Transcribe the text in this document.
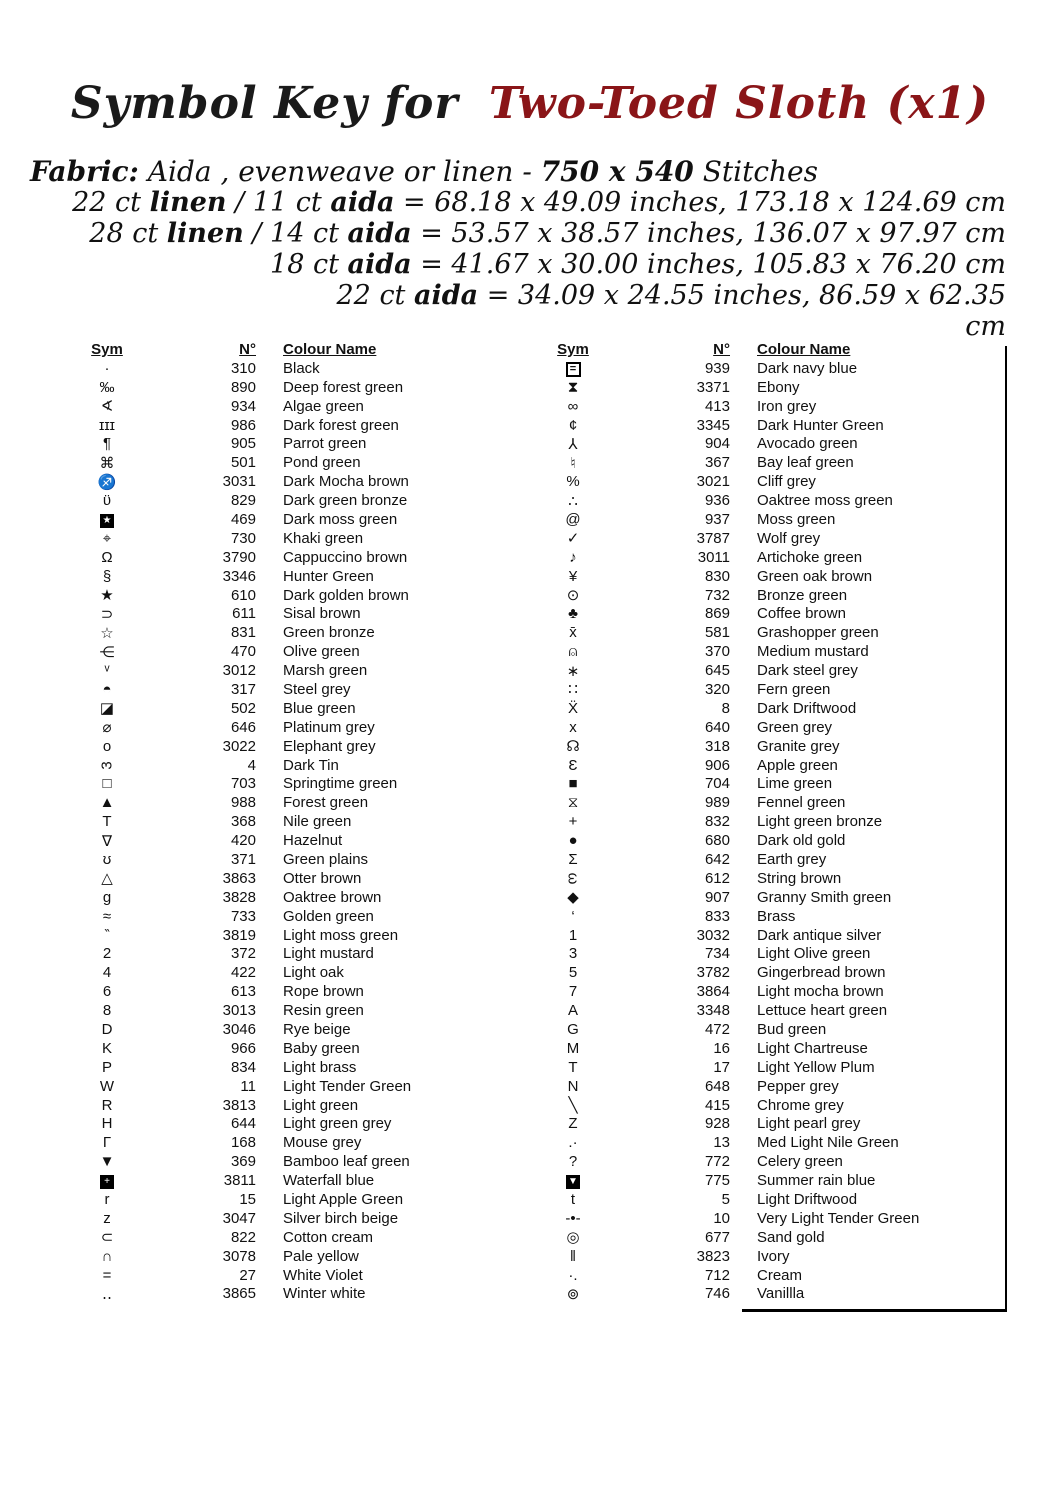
Symbol Key for Two-Toed Sloth (x1)
Fabric: Aida , evenweave or linen - 750 x 540 Stitches
22 ct linen / 11 ct aida = 68.18 x 49.09 inches, 173.18 x 124.69 cm
28 ct linen / 14 ct aida = 53.57 x 38.57 inches, 136.07 x 97.97 cm
18 ct aida = 41.67 x 30.00 inches, 105.83 x 76.20 cm
22 ct aida = 34.09 x 24.55 inches, 86.59 x 62.35
cm
Sym	N°	Colour Name
·	310	Black
‰	890	Deep forest green
∢	934	Algae green
ɪɪɪ	986	Dark forest green
¶	905	Parrot green
⌘	501	Pond green
♐	3031	Dark Mocha brown
ϋ	829	Dark green bronze
★	469	Dark moss green
⌖	730	Khaki green
Ω	3790	Cappuccino brown
§	3346	Hunter Green
★	610	Dark golden brown
⊃	611	Sisal brown
☆	831	Green bronze
⋲	470	Olive green
ᵛ	3012	Marsh green
◓	317	Steel grey
◪	502	Blue green
⌀	646	Platinum grey
o	3022	Elephant grey
3	4	Dark Tin
□	703	Springtime green
▲	988	Forest green
Т	368	Nile green
∇	420	Hazelnut
ʊ	371	Green plains
△	3863	Otter brown
g	3828	Oaktree brown
≈	733	Golden green
‶	3819	Light moss green
2	372	Light mustard
4	422	Light oak
6	613	Rope brown
8	3013	Resin green
D	3046	Rye beige
K	966	Baby green
P	834	Light brass
W	11	Light Tender Green
R	3813	Light green
H	644	Light green grey
Γ	168	Mouse grey
▼	369	Bamboo leaf green
+	3811	Waterfall blue
r	15	Light Apple Green
z	3047	Silver birch beige
⊂	822	Cotton cream
∩	3078	Pale yellow
=	27	White Violet
‥	3865	Winter white
Sym	N°	Colour Name
=	939	Dark navy blue
⧗	3371	Ebony
∞	413	Iron grey
¢	3345	Dark Hunter Green
⅄	904	Avocado green
♮	367	Bay leaf green
%	3021	Cliff grey
∴	936	Oaktree moss green
@	937	Moss green
✓	3787	Wolf grey
♪	3011	Artichoke green
¥	830	Green oak brown
⊙	732	Bronze green
♣	869	Coffee brown
x̄	581	Grashopper green
⍝	370	Medium mustard
∗	645	Dark steel grey
∷	320	Fern green
Ẍ	8	Dark Driftwood
x	640	Green grey
☊	318	Granite grey
Ɛ	906	Apple green
■	704	Lime green
⧖	989	Fennel green
+	832	Light green bronze
●	680	Dark old gold
Σ	642	Earth grey
ω	612	String brown
◆	907	Granny Smith green
‘	833	Brass
1	3032	Dark antique silver
3	734	Light Olive green
5	3782	Gingerbread brown
7	3864	Light mocha brown
A	3348	Lettuce heart green
G	472	Bud green
M	16	Light Chartreuse
T	17	Light Yellow Plum
N	648	Pepper grey
╲	415	Chrome grey
Z	928	Light pearl grey
.·	13	Med Light Nile Green
?	772	Celery green
▼	775	Summer rain blue
t	5	Light Driftwood
-•-	10	Very Light Tender Green
◎	677	Sand gold
‖	3823	Ivory
·.	712	Cream
⊚	746	Vanillla
